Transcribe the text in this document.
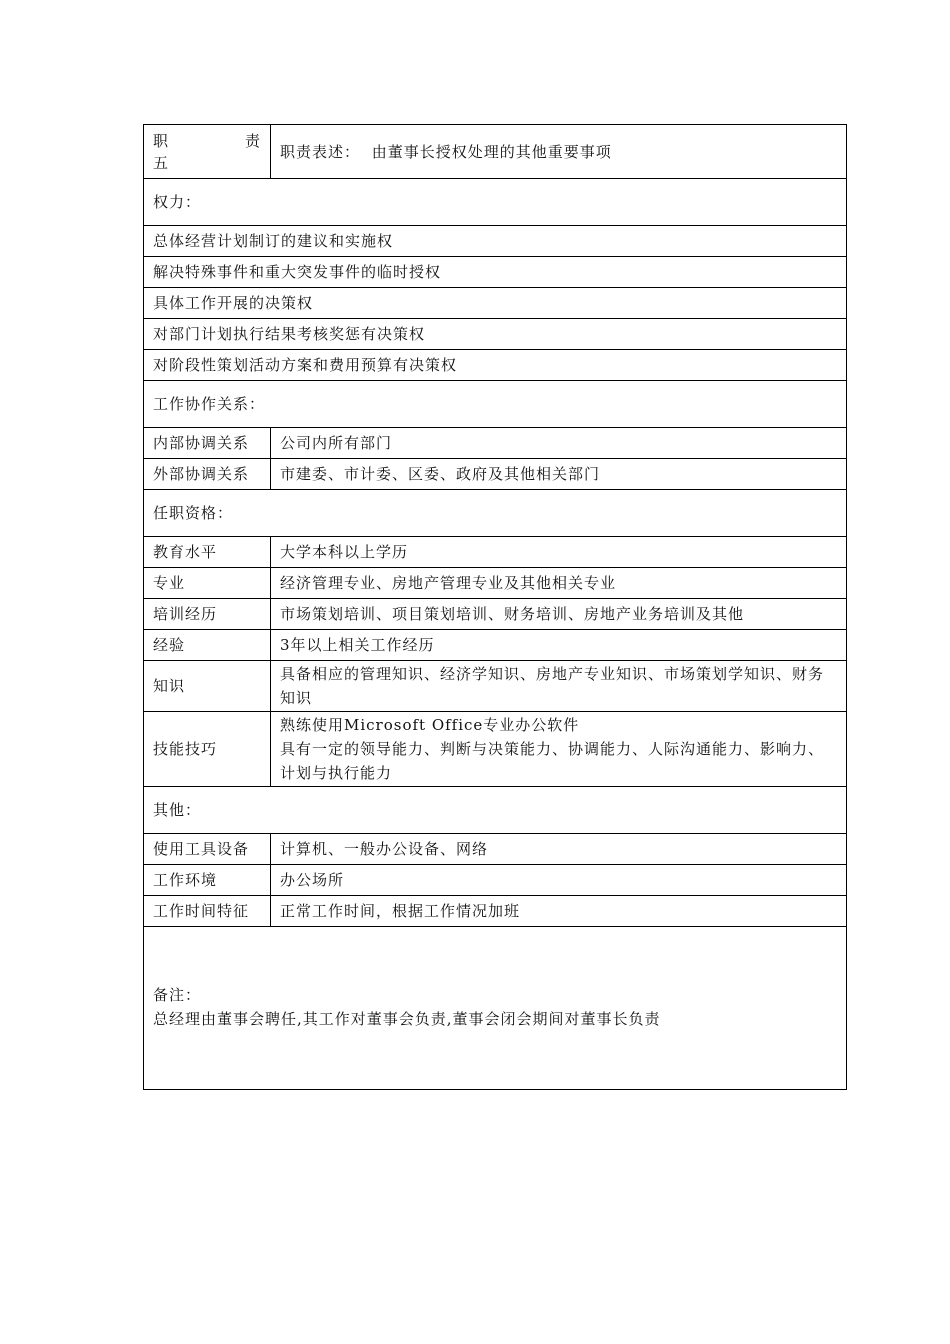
职 责
五	职责表述： 由董事长授权处理的其他重要事项
权力：	
总体经营计划制订的建议和实施权	
解决特殊事件和重大突发事件的临时授权	
具体工作开展的决策权	
对部门计划执行结果考核奖惩有决策权	
对阶段性策划活动方案和费用预算有决策权	
工作协作关系：	
内部协调关系	公司内所有部门
外部协调关系	市建委、市计委、区委、政府及其他相关部门
任职资格：	
教育水平	大学本科以上学历
专业	经济管理专业、房地产管理专业及其他相关专业
培训经历	市场策划培训、项目策划培训、财务培训、房地产业务培训及其他
经验	3年以上相关工作经历
知识	具备相应的管理知识、经济学知识、房地产专业知识、市场策划学知识、财务知识
技能技巧	熟练使用Microsoft Office专业办公软件
具有一定的领导能力、判断与决策能力、协调能力、人际沟通能力、影响力、计划与执行能力

其他：	
使用工具设备	计算机、一般办公设备、网络
工作环境	办公场所
工作时间特征	正常工作时间，根据工作情况加班

备注：
总经理由董事会聘任,其工作对董事会负责,董事会闭会期间对董事长负责	
